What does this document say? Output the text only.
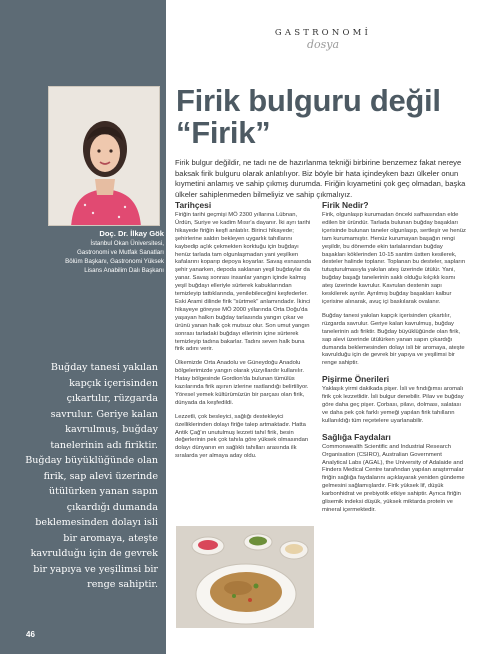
Doç. Dr. İlkay Gök
İstanbul Okan Üniversitesi,
Gastronomi ve Mutfak Sanatları
Bölüm Başkanı, Gastronomi Yüksek
Lisans Anabilim Dalı Başkanı
Buğday tanesi yakılan kapçık içerisinden çıkartılır, rüzgarda savrulur. Geriye kalan kavrulmuş, buğday tanelerinin adı firiktir. Buğday büyüklüğünde olan firik, sap alevi üzerinde ütülürken yanan sapın çıkardığı dumanda beklemesinden dolayı isli bir aromaya, ateşte kavrulduğu için de gevrek bir yapıya ve yeşilimsi bir renge sahiptir.
46
GASTRONOMİ
dosya
Firik bulguru değil
“Firik”
Firik bulgur değildir, ne tadı ne de hazırlanma tekniği birbirine benzemez fakat nereye baksak firik bulguru olarak anlatılıyor. Biz böyle bir hata içindeyken bazı ülkeler onun kıymetini anlamış ve sahip çıkmış durumda. Firiğin kıyametini çok geç olmadan, başka ülkeler sahiplenmeden bilmeliyiz ve sahip çıkmalıyız.
Tarihçesi

Firiğin tarihi geçmişi MÖ 2300 yıllarına Lübnan, Ürdün, Suriye ve kadim Mısır'a dayanır. İki ayrı tarihi hikayede firiğin keşfi anlatılır. Birinci hikayede; şehirlerine saldırı bekleyen uygarlık tahıllarını kaybedip açlık çekmekten korktuğu için buğdayı henüz tarlada tam olgunlaşmadan yani yeşilken kafalarını koparıp depoya koyarlar. Savaş esnasında şehir yanarken, depoda saklanan yeşil buğdaylar da yanar. Savaş sonrası insanlar yangın içinde kalmış yeşil buğdayı elleriyle sürterek kabuklarından temizleyip tattıklarında, yenilebileceğini keşfederler. Eski Arami dilinde firik "sürtmek" anlamındadır. İkinci hikayeye göreyse MÖ 2000 yıllarında Orta Doğu'da yaşayan halkın buğday tarlasında yangın çıkar ve ürünü yanan halk çok mutsuz olur. Son umut yangın sonrası tarladaki buğdayı ellerinin içine sürterek temizleyip tadına bakarlar. Tadını seven halk buna firik adını verir.

Ülkemizde Orta Anadolu ve Güneydoğu Anadolu bölgelerimizde yangın olarak yüzyıllardır kullanılır. Hatay bölgesinde Gordion'da bulunan tümülüs kazılarında firik aşının izlerine rastlandığı belirtiliyor. Yöresel yemek kültürümüzün bir parçası olan firik, dünyada da keşfedildi.

Lezzetli, çok besleyici, sağlığı destekleyici özelliklerinden dolayı firiğe talep artmaktadır. Hatta Antik Çağ'ın unutulmuş lezzeti tahıl firik, besin değerlerinin pek çok tahıla göre yüksek olmasından dolayı dünyanın en sağlıklı tahılları arasında ilk sıralarda yer almaya aday oldu.

Firik Nedir?

Firik, olgunlaşıp kurumadan önceki safhasından elde edilen bir üründür. Tarlada bulunan buğday başakları içerisinde bulunan taneler olgunlaşıp, sertleşir ve henüz tam kurumamıştır. Henüz kurumayan başağın rengi yeşildir, bu dönemde ekin tarlalarından buğday başakları köklerinden 10-15 santim üstten kesilerek, desteler halinde toplanır. Toplanan bu desteler, sapların tutuşturulmasıyla yakılan ateş üzerinde ütülür. Yani, buğday başağı tanelerinin saklı olduğu kılçıklı kısmı ateş üzerinde kavrulur. Kavrulan destenin sapı keskilerek ayrılır. Ayrılmış buğday başakları kalbur içerisine alınarak, avuç içi baskılarak ovalanır.

Buğday tanesi yakılan kapçık içerisinden çıkartılır, rüzgarda savrulur. Geriye kalan kavrulmuş, buğday tanelerinin adı firiktir. Buğday büyüklüğünde olan firik, sap alevi üzerinde ütülürken yanan sapın çıkardığı dumanda beklemesinden dolayı isli bir aromaya, ateşte kavrulduğu için de gevrek bir yapıya ve yeşilimsi bir renge sahiptir.

Pişirme Önerileri

Yaklaşık yirmi dakikada pişer. İsli ve fındığımsı aromalı firik çok lezzetlidir. İsli bulgur denebilir. Pilav ve buğday göre daha geç pişer. Çorbası, pilavı, dolması, salatası ve daha pek çok farklı yemeği yapılan firik tahılların kullanıldığı tüm reçetelere uyarlanabilir.

Sağlığa Faydaları

Commonwealth Scientific and Industrial Research Organisation (CSIRO), Australian Government Analytical Labs (AGAL), the University of Adalaide and Finders Medical Centre tarafından yapılan araştırmalar firiğin sağlığa faydalarını açıklayarak yeniden gündeme gelmesini sağlamışlardır. Firik yüksek lif, düşük karbonhidrat ve prebiyotik etkiye sahiptir. Ayrıca firiğin glisemik indeksi düşük, yüksek miktarda protein ve mineral içermektedir.
